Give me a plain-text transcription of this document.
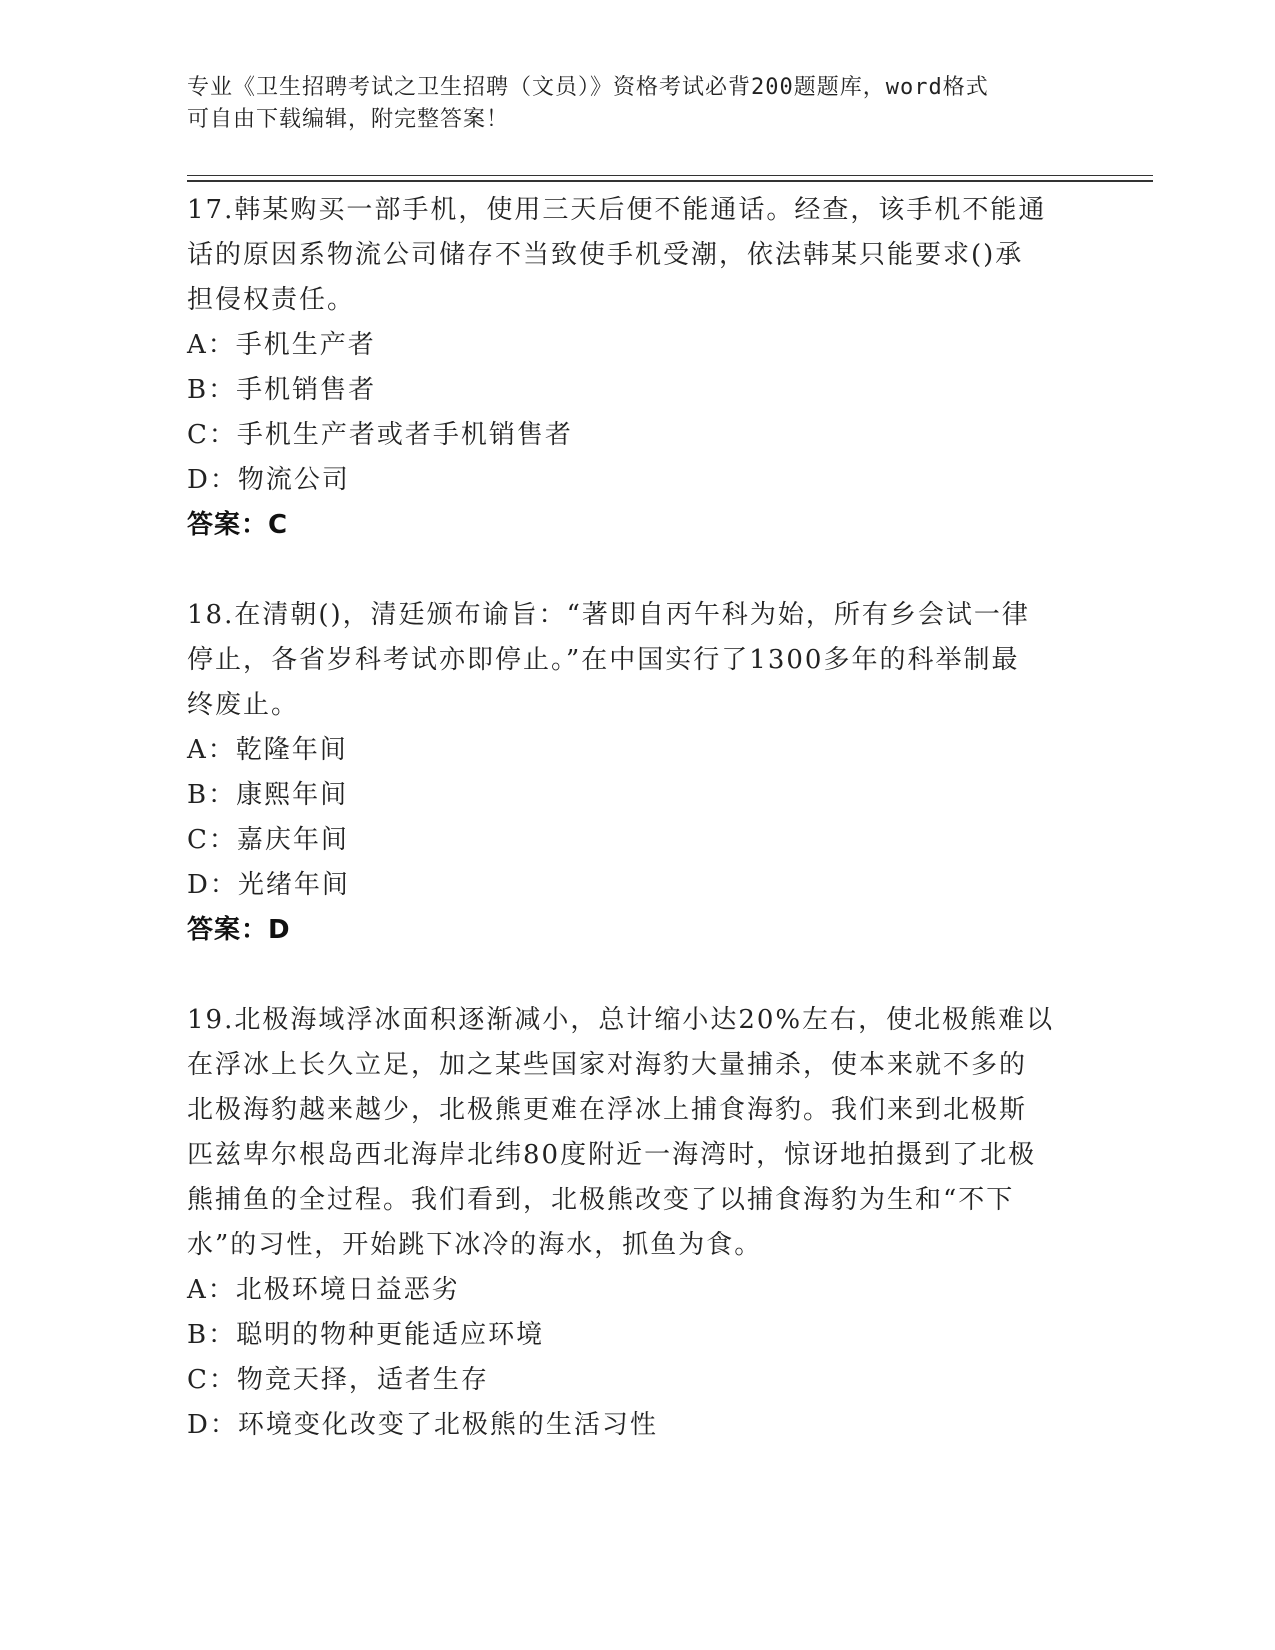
专业《卫生招聘考试之卫生招聘（文员）》资格考试必背200题题库，word格式
可自由下载编辑，附完整答案！
17.韩某购买一部手机，使用三天后便不能通话。经查，该手机不能通
话的原因系物流公司储存不当致使手机受潮，依法韩某只能要求()承
担侵权责任。
A：手机生产者
B：手机销售者
C：手机生产者或者手机销售者
D：物流公司
答案：C
18.在清朝()，清廷颁布谕旨：“著即自丙午科为始，所有乡会试一律
停止，各省岁科考试亦即停止。”在中国实行了1300多年的科举制最
终废止。
A：乾隆年间
B：康熙年间
C：嘉庆年间
D：光绪年间
答案：D
19.北极海域浮冰面积逐渐减小，总计缩小达20%左右，使北极熊难以
在浮冰上长久立足，加之某些国家对海豹大量捕杀，使本来就不多的
北极海豹越来越少，北极熊更难在浮冰上捕食海豹。我们来到北极斯
匹兹卑尔根岛西北海岸北纬80度附近一海湾时，惊讶地拍摄到了北极
熊捕鱼的全过程。我们看到，北极熊改变了以捕食海豹为生和“不下
水”的习性，开始跳下冰冷的海水，抓鱼为食。
A：北极环境日益恶劣
B：聪明的物种更能适应环境
C：物竞天择，适者生存
D：环境变化改变了北极熊的生活习性
